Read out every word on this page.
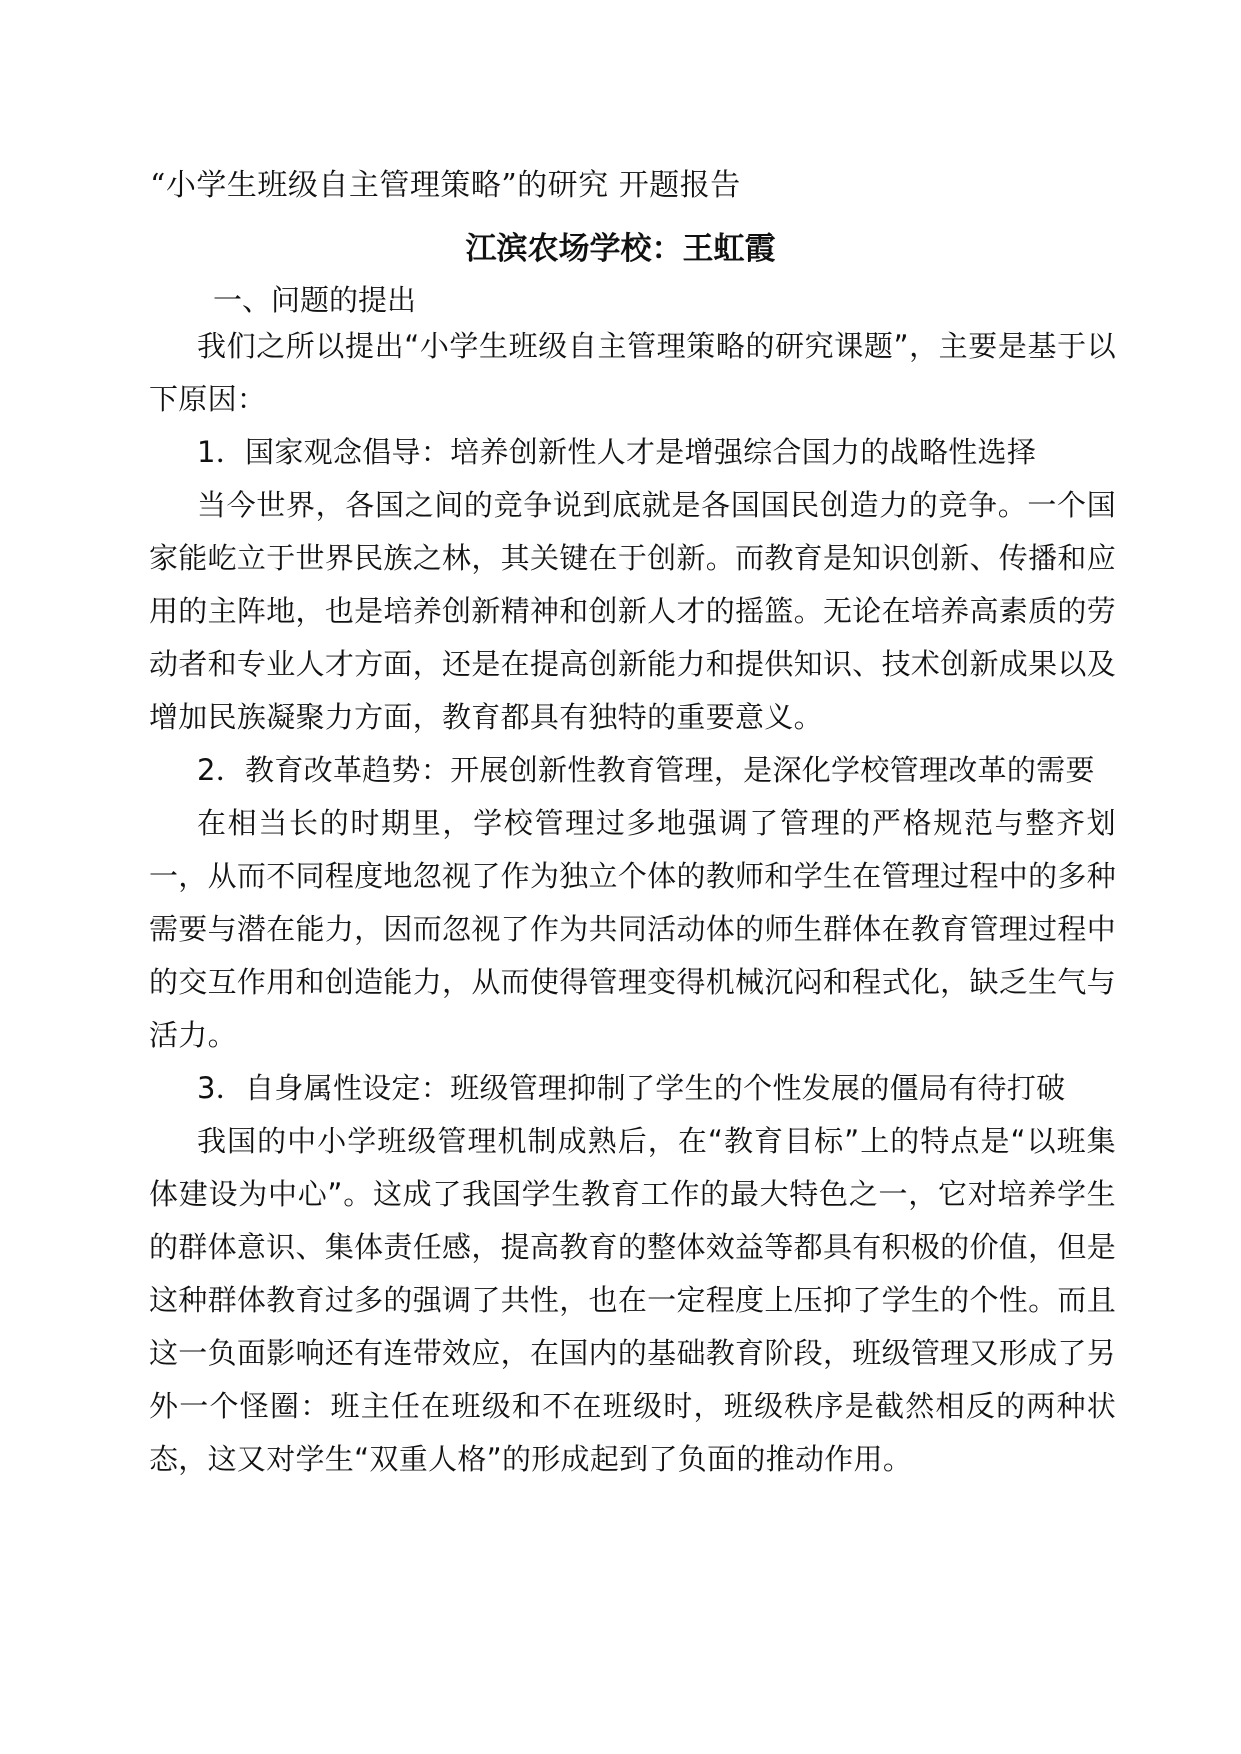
“小学生班级自主管理策略”的研究 开题报告
江滨农场学校：王虹霞
一、问题的提出

我们之所以提出“小学生班级自主管理策略的研究课题”，主要是基于以下原因：

1．国家观念倡导：培养创新性人才是增强综合国力的战略性选择

当今世界，各国之间的竞争说到底就是各国国民创造力的竞争。一个国家能屹立于世界民族之林，其关键在于创新。而教育是知识创新、传播和应用的主阵地，也是培养创新精神和创新人才的摇篮。无论在培养高素质的劳动者和专业人才方面，还是在提高创新能力和提供知识、技术创新成果以及增加民族凝聚力方面，教育都具有独特的重要意义。

2．教育改革趋势：开展创新性教育管理，是深化学校管理改革的需要

在相当长的时期里，学校管理过多地强调了管理的严格规范与整齐划一，从而不同程度地忽视了作为独立个体的教师和学生在管理过程中的多种需要与潜在能力，因而忽视了作为共同活动体的师生群体在教育管理过程中的交互作用和创造能力，从而使得管理变得机械沉闷和程式化，缺乏生气与活力。

3．自身属性设定：班级管理抑制了学生的个性发展的僵局有待打破

我国的中小学班级管理机制成熟后，在“教育目标”上的特点是“以班集体建设为中心”。这成了我国学生教育工作的最大特色之一，它对培养学生的群体意识、集体责任感，提高教育的整体效益等都具有积极的价值，但是这种群体教育过多的强调了共性，也在一定程度上压抑了学生的个性。而且这一负面影响还有连带效应，在国内的基础教育阶段，班级管理又形成了另外一个怪圈：班主任在班级和不在班级时，班级秩序是截然相反的两种状态，这又对学生“双重人格”的形成起到了负面的推动作用。
